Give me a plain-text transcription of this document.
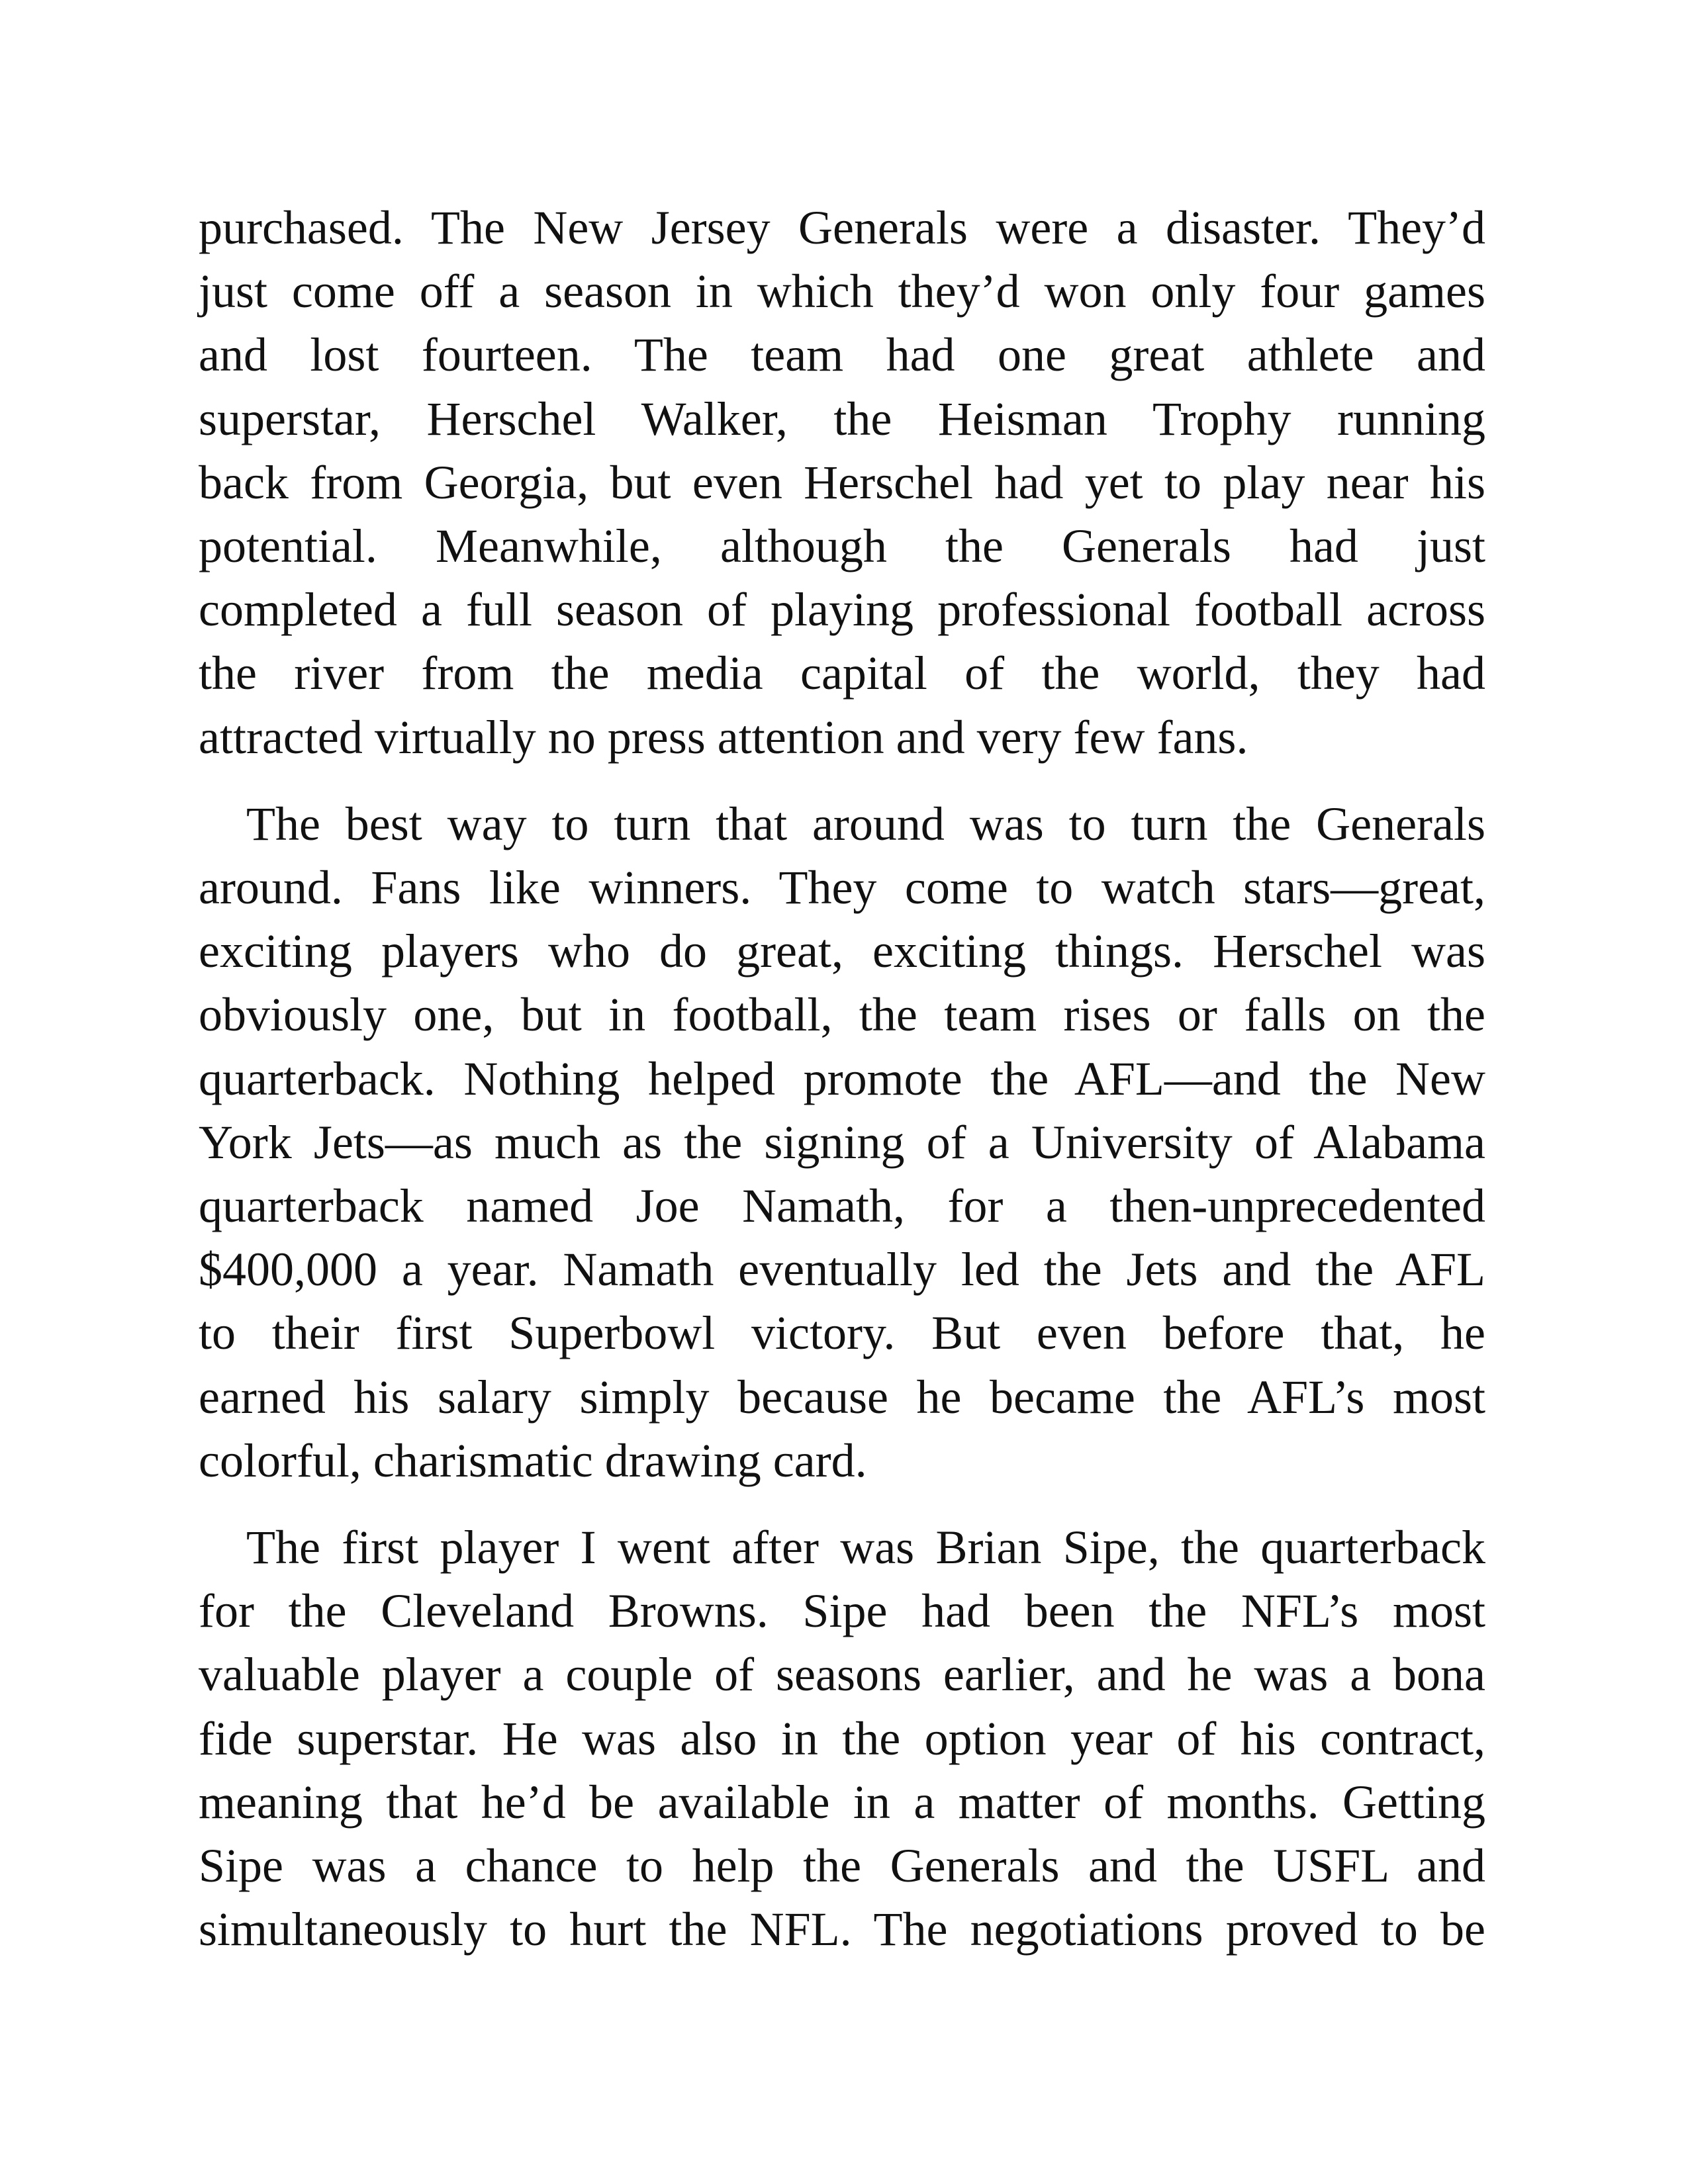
purchased. The New Jersey Generals were a disaster. They’d
just come off a season in which they’d won only four games
and lost fourteen. The team had one great athlete and
superstar, Herschel Walker, the Heisman Trophy running
back from Georgia, but even Herschel had yet to play near his
potential. Meanwhile, although the Generals had just
completed a full season of playing professional football across
the river from the media capital of the world, they had
attracted virtually no press attention and very few fans.
The best way to turn that around was to turn the Generals
around. Fans like winners. They come to watch stars—great,
exciting players who do great, exciting things. Herschel was
obviously one, but in football, the team rises or falls on the
quarterback. Nothing helped promote the AFL—and the New
York Jets—as much as the signing of a University of Alabama
quarterback named Joe Namath, for a then-unprecedented
$400,000 a year. Namath eventually led the Jets and the AFL
to their first Superbowl victory. But even before that, he
earned his salary simply because he became the AFL’s most
colorful, charismatic drawing card.
The first player I went after was Brian Sipe, the quarterback
for the Cleveland Browns. Sipe had been the NFL’s most
valuable player a couple of seasons earlier, and he was a bona
fide superstar. He was also in the option year of his contract,
meaning that he’d be available in a matter of months. Getting
Sipe was a chance to help the Generals and the USFL and
simultaneously to hurt the NFL. The negotiations proved to be
